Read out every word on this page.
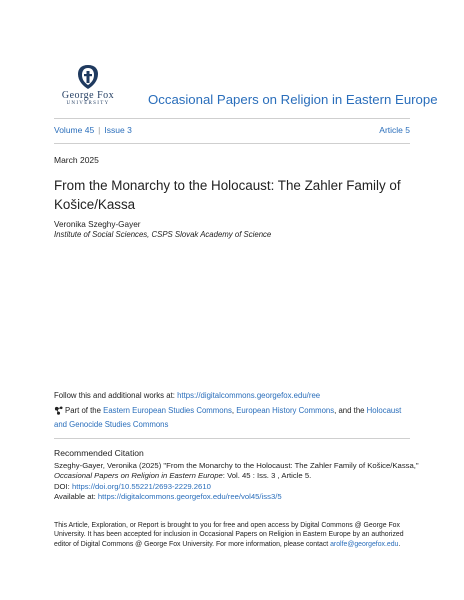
George Fox
UNIVERSITY	Occasional Papers on Religion in Eastern Europe
Volume 45 | Issue 3	Article 5
March 2025
From the Monarchy to the Holocaust: The Zahler Family of Košice/Kassa
Veronika Szeghy-Gayer
Institute of Social Sciences, CSPS Slovak Academy of Science
Follow this and additional works at: https://digitalcommons.georgefox.edu/ree
Part of the Eastern European Studies Commons, European History Commons, and the Holocaust and Genocide Studies Commons
Recommended Citation
Szeghy-Gayer, Veronika (2025) "From the Monarchy to the Holocaust: The Zahler Family of Košice/Kassa,"
Occasional Papers on Religion in Eastern Europe: Vol. 45 : Iss. 3 , Article 5.
DOI: https://doi.org/10.55221/2693-2229.2610
Available at: https://digitalcommons.georgefox.edu/ree/vol45/iss3/5
This Article, Exploration, or Report is brought to you for free and open access by Digital Commons @ George Fox
University. It has been accepted for inclusion in Occasional Papers on Religion in Eastern Europe by an authorized
editor of Digital Commons @ George Fox University. For more information, please contact arolfe@georgefox.edu.
